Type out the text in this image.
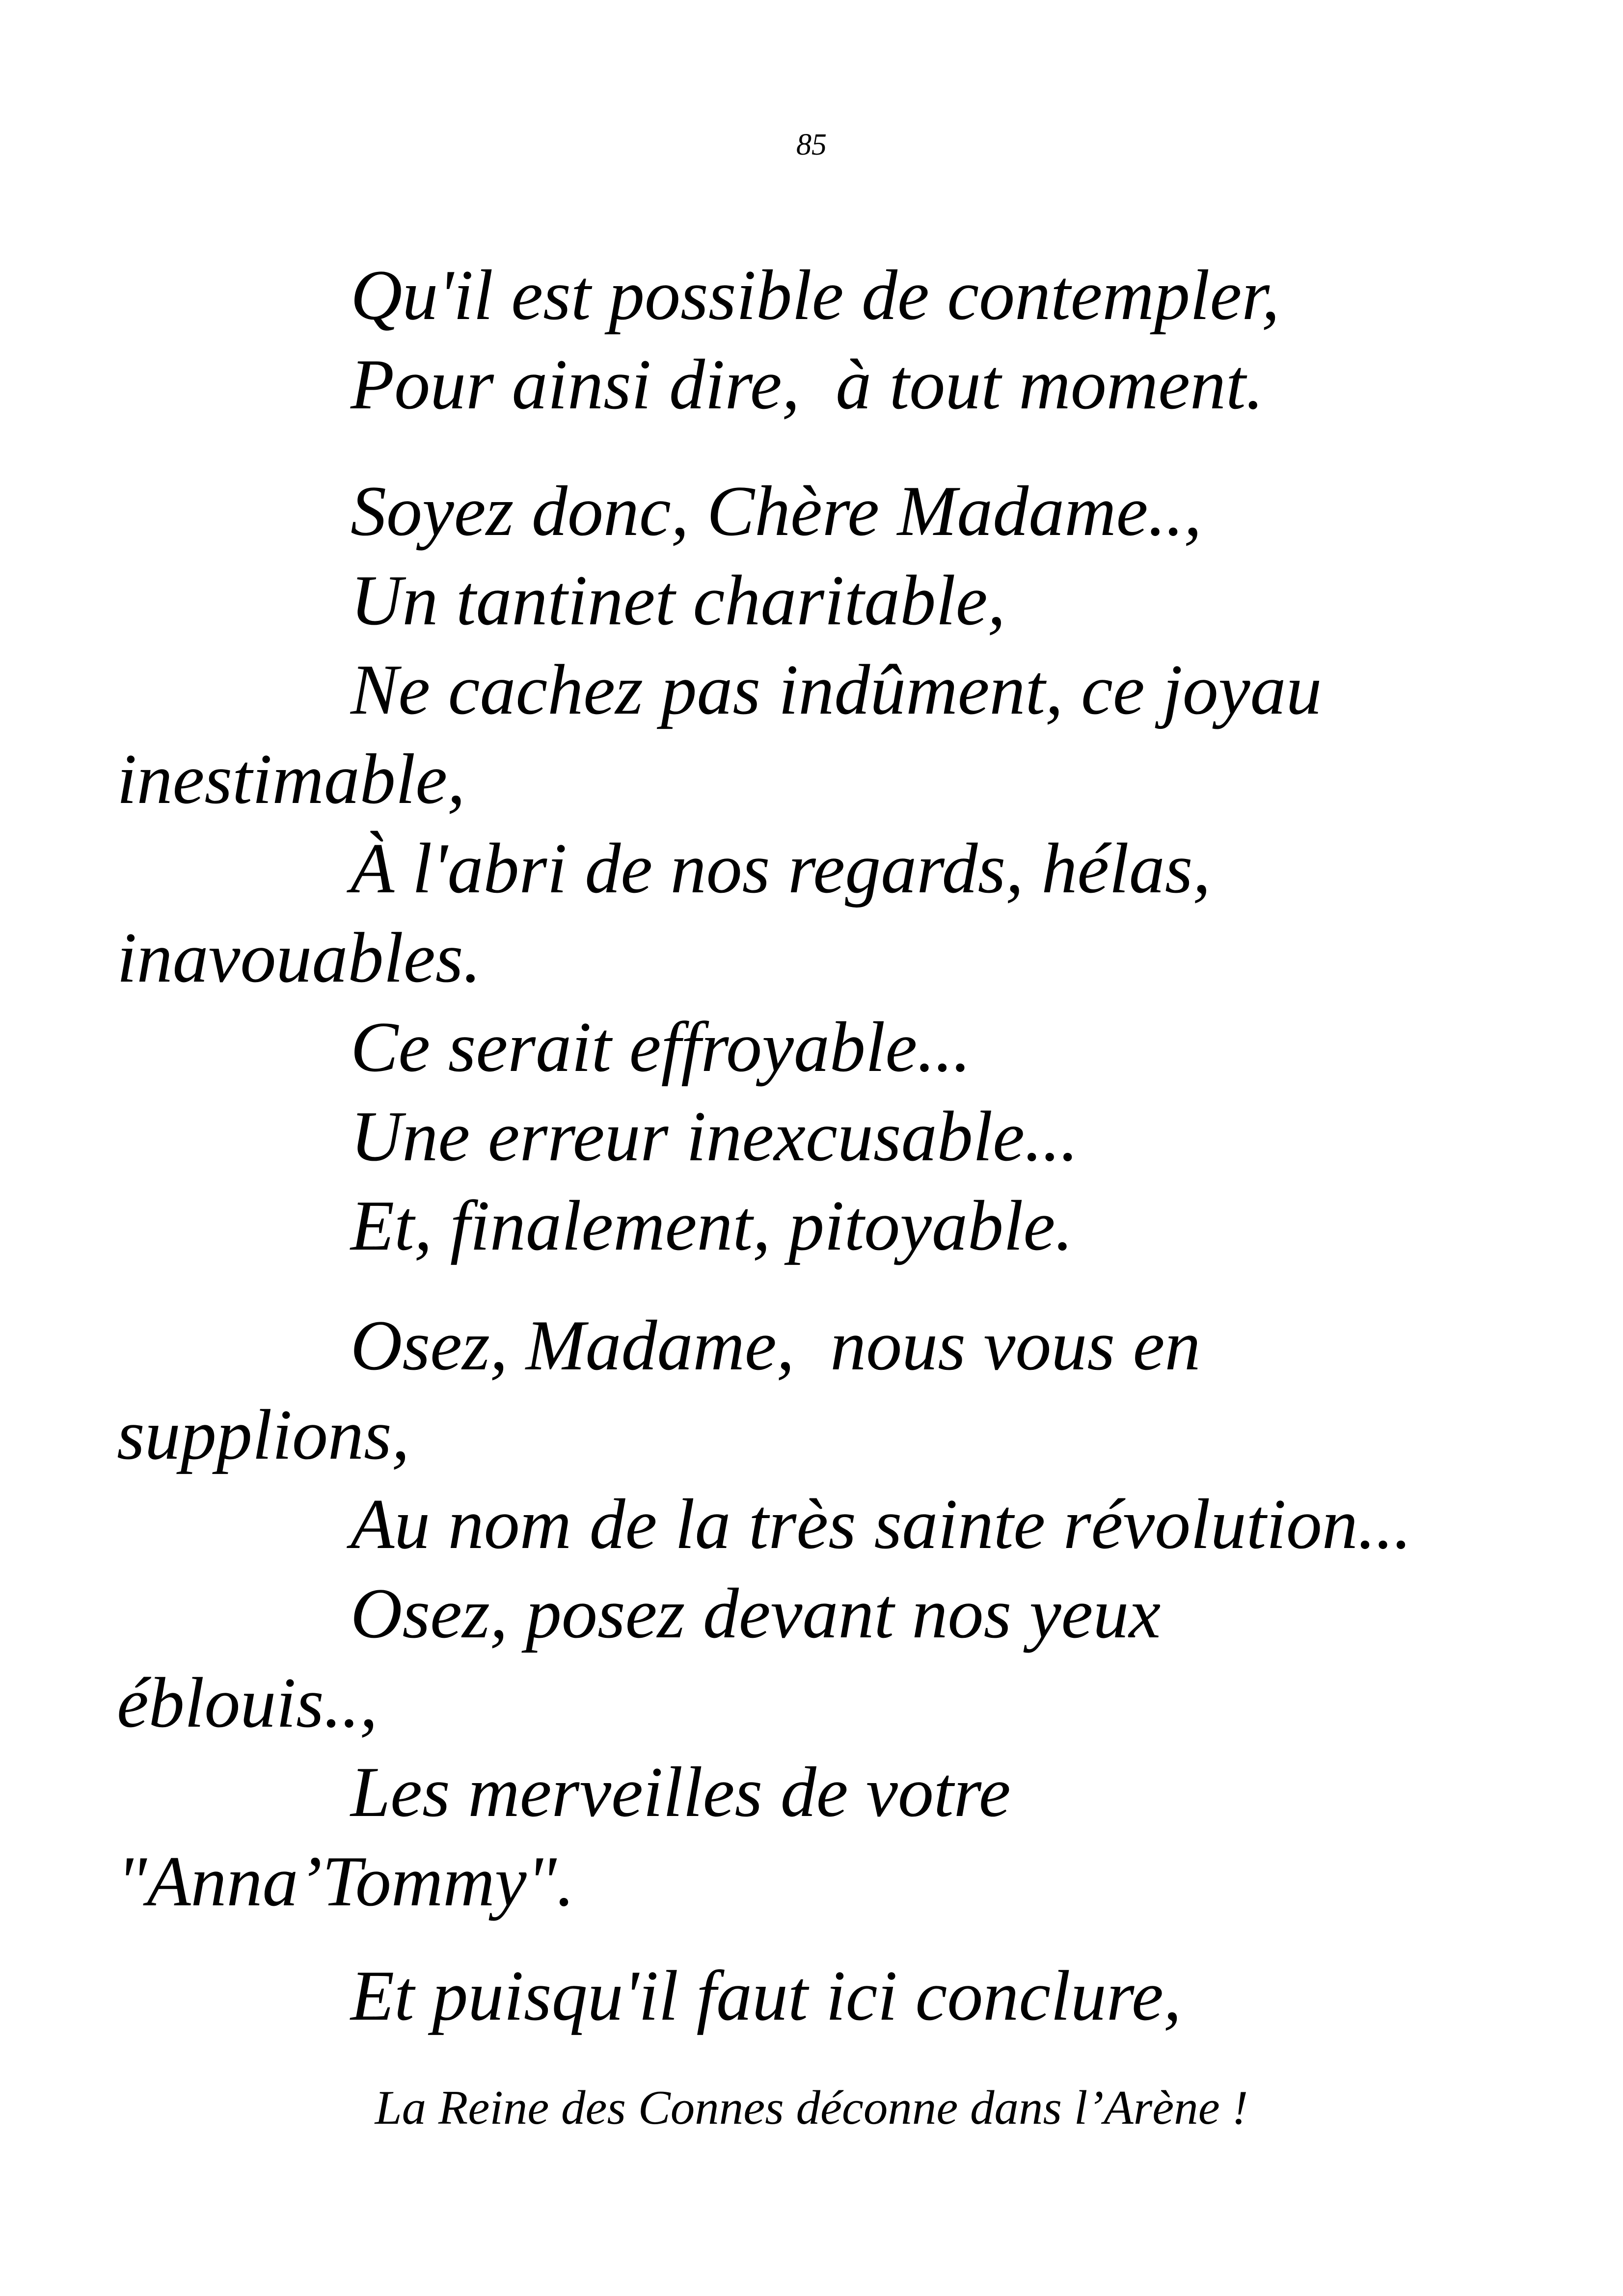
85
Qu'il est possible de contempler,
Pour ainsi dire,  à tout moment.
Soyez donc, Chère Madame..,
Un tantinet charitable,
Ne cachez pas indûment, ce joyau
inestimable,
À l'abri de nos regards, hélas,
inavouables.
Ce serait effroyable...
Une erreur inexcusable...
Et, finalement, pitoyable.
Osez, Madame,  nous vous en
supplions,
Au nom de la très sainte révolution...
Osez, posez devant nos yeux
éblouis..,
Les merveilles de votre
"Anna’Tommy".
Et puisqu'il faut ici conclure,
La Reine des Connes déconne dans l’Arène !
